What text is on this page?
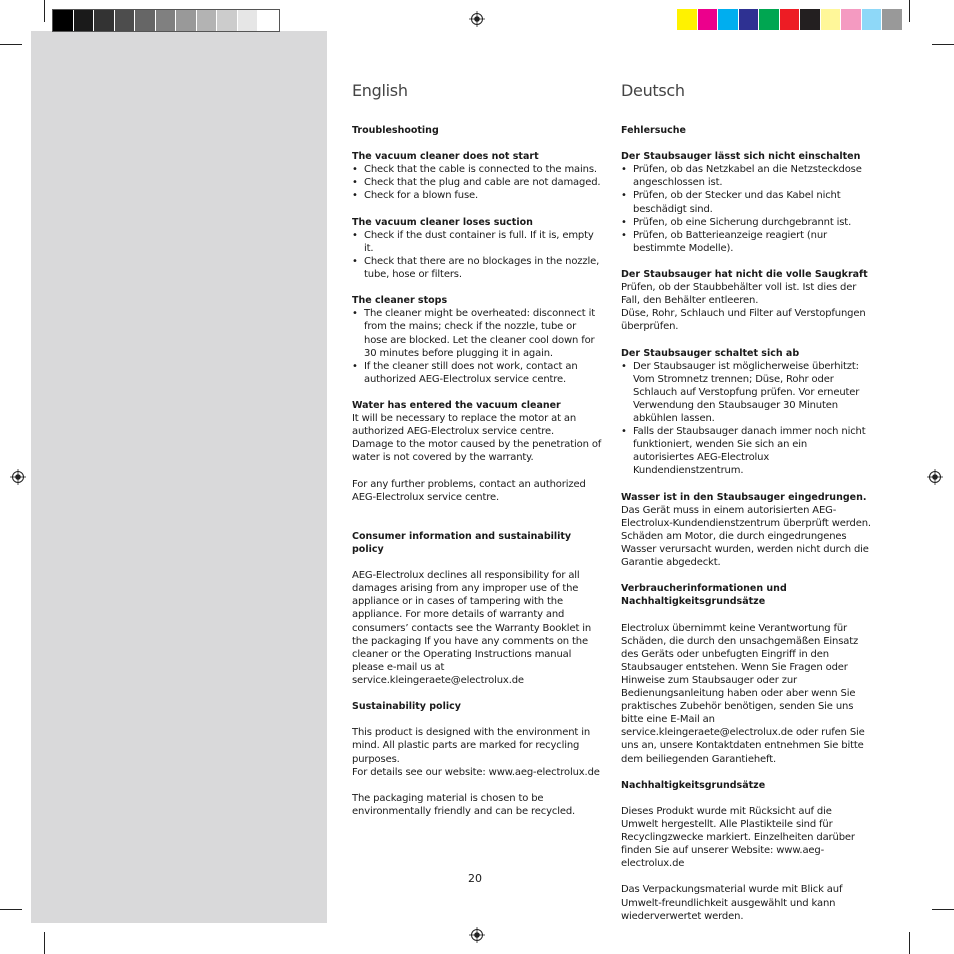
English

Troubleshooting

The vacuum cleaner does not start

• Check that the cable is connected to the mains.
• Check that the plug and cable are not damaged.
• Check for a blown fuse.

The vacuum cleaner loses suction

• Check if the dust container is full. If it is, empty it.
• Check that there are no blockages in the nozzle, tube, hose or filters.

The cleaner stops

• The cleaner might be overheated: disconnect it from the mains; check if the nozzle, tube or hose are blocked. Let the cleaner cool down for 30 minutes before plugging it in again.
• If the cleaner still does not work, contact an authorized AEG-Electrolux service centre.

Water has entered the vacuum cleaner

It will be necessary to replace the motor at an authorized AEG-Electrolux service centre.

Damage to the motor caused by the penetration of water is not covered by the warranty.

For any further problems, contact an authorized AEG-Electrolux service centre.

Consumer information and sustainability policy

AEG-Electrolux declines all responsibility for all damages arising from any improper use of the appliance or in cases of tampering with the appliance. For more details of warranty and consumers’ contacts see the Warranty Booklet in the packaging If you have any comments on the cleaner or the Operating Instructions manual please e-mail us at service.kleingeraete@electrolux.de

Sustainability policy

This product is designed with the environment in mind. All plastic parts are marked for recycling purposes.

For details see our website: www.aeg-electrolux.de

The packaging material is chosen to be environmentally friendly and can be recycled.

Deutsch

Fehlersuche

Der Staubsauger lässt sich nicht einschalten

• Prüfen, ob das Netzkabel an die Netzsteckdose angeschlossen ist.
• Prüfen, ob der Stecker und das Kabel nicht beschädigt sind.
• Prüfen, ob eine Sicherung durchgebrannt ist.
• Prüfen, ob Batterieanzeige reagiert (nur bestimmte Modelle).

Der Staubsauger hat nicht die volle Saugkraft

Prüfen, ob der Staubbehälter voll ist. Ist dies der Fall, den Behälter entleeren.

Düse, Rohr, Schlauch und Filter auf Verstopfungen überprüfen.

Der Staubsauger schaltet sich ab

• Der Staubsauger ist möglicherweise überhitzt: Vom Stromnetz trennen; Düse, Rohr oder Schlauch auf Verstopfung prüfen. Vor erneuter Verwendung den Staubsauger 30 Minuten abkühlen lassen.
• Falls der Staubsauger danach immer noch nicht funktioniert, wenden Sie sich an ein autorisiertes AEG-Electrolux Kundendienstzentrum.

Wasser ist in den Staubsauger eingedrungen.

Das Gerät muss in einem autorisierten AEG-Electrolux-Kundendienstzentrum überprüft werden. Schäden am Motor, die durch eingedrungenes Wasser verursacht wurden, werden nicht durch die Garantie abgedeckt.

Verbraucherinformationen und Nachhaltigkeitsgrundsätze

Electrolux übernimmt keine Verantwortung für Schäden, die durch den unsachgemäßen Einsatz des Geräts oder unbefugten Eingriff in den Staubsauger entstehen. Wenn Sie Fragen oder Hinweise zum Staubsauger oder zur Bedienungsanleitung haben oder aber wenn Sie praktisches Zubehör benötigen, senden Sie uns bitte eine E-Mail an service.kleingeraete@electrolux.de oder rufen Sie uns an, unsere Kontaktdaten entnehmen Sie bitte dem beiliegenden Garantieheft.

Nachhaltigkeitsgrundsätze

Dieses Produkt wurde mit Rücksicht auf die Umwelt hergestellt. Alle Plastikteile sind für Recyclingzwecke markiert. Einzelheiten darüber finden Sie auf unserer Website: www.aeg-electrolux.de

Das Verpackungsmaterial wurde mit Blick auf Umwelt-freundlichkeit ausgewählt und kann wiederverwertet werden.

20
